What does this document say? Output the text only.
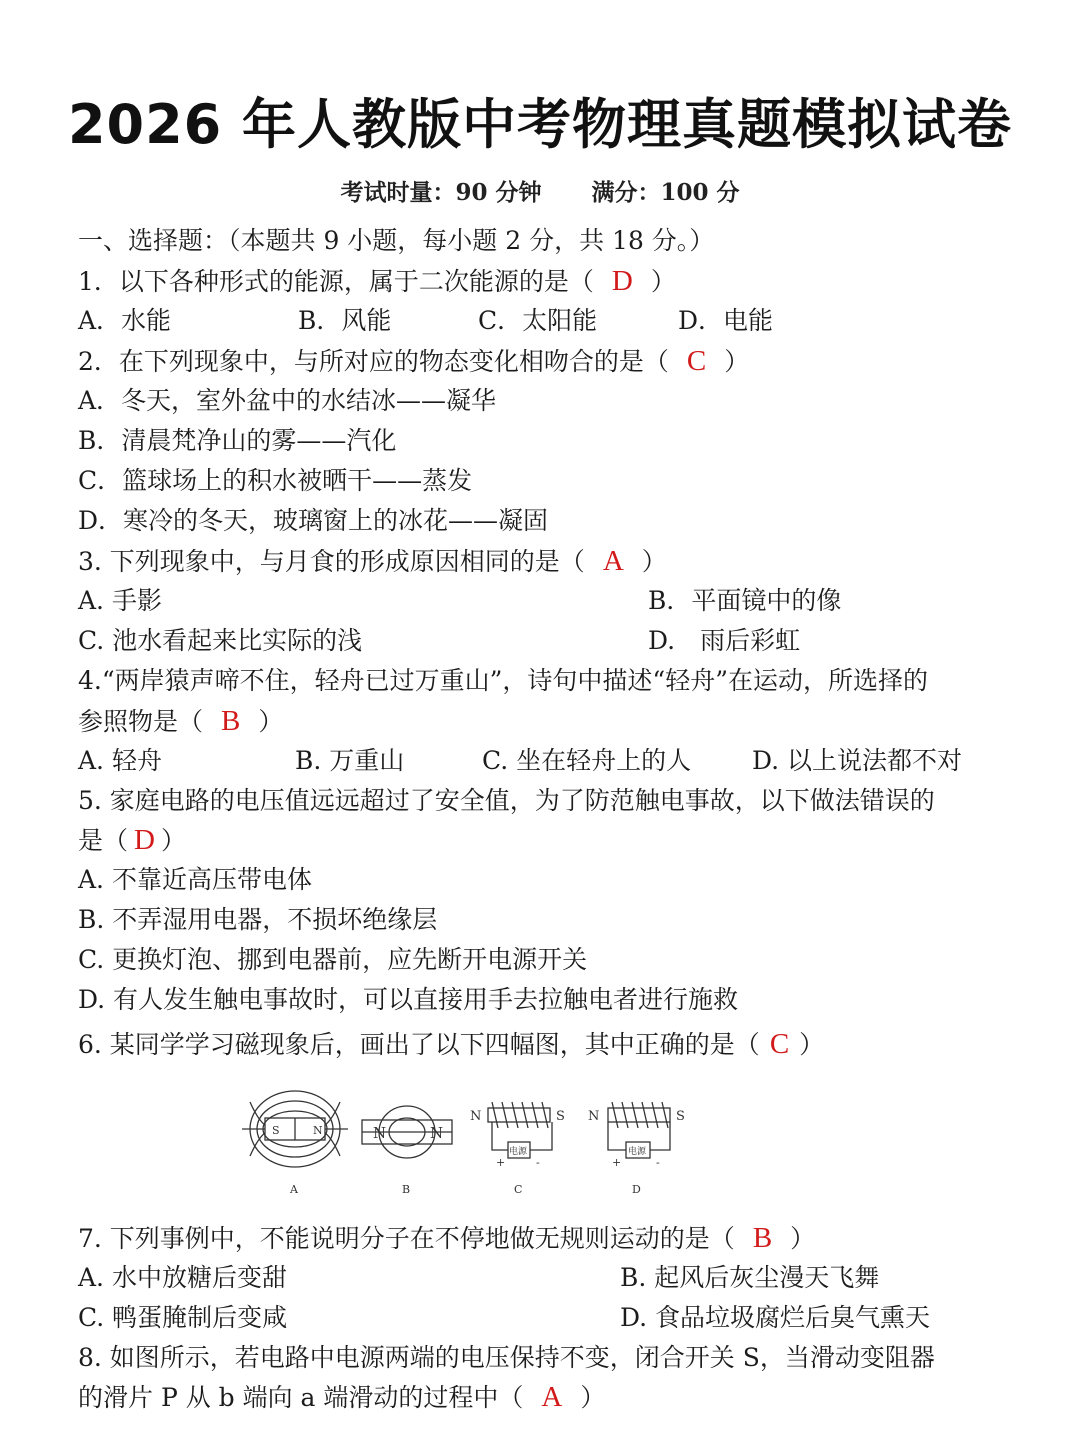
2026 年人教版中考物理真题模拟试卷
考试时量：90 分钟 满分：100 分
一、选择题：（本题共 9 小题，每小题 2 分，共 18 分。）
1．以下各种形式的能源，属于二次能源的是（ D ）
A．水能	B．风能	C．太阳能	D．电能
2．在下列现象中，与所对应的物态变化相吻合的是（ C ）
A．冬天，室外盆中的水结冰——凝华
B．清晨梵净山的雾——汽化
C．篮球场上的积水被晒干——蒸发
D．寒冷的冬天，玻璃窗上的冰花——凝固
3. 下列现象中，与月食的形成原因相同的是（ A ）
A. 手影	B．平面镜中的像
C. 池水看起来比实际的浅	D.　雨后彩虹
4.“两岸猿声啼不住，轻舟已过万重山”，诗句中描述“轻舟”在运动，所选择的
参照物是（ B ）
A. 轻舟	B. 万重山	C. 坐在轻舟上的人 D. 以上说法都不对
5. 家庭电路的电压值远远超过了安全值，为了防范触电事故，以下做法错误的
是（ D ）
A. 不靠近高压带电体
B. 不弄湿用电器，不损坏绝缘层
C. 更换灯泡、挪到电器前，应先断开电源开关
D. 有人发生触电事故时，可以直接用手去拉触电者进行施救
6. 某同学学习磁现象后，画出了以下四幅图，其中正确的是（ C ）
S	N
A
N	N
B
N	S
电源
+	-
C
N	S
电源
+	-
D
7. 下列事例中，不能说明分子在不停地做无规则运动的是（ B ）
A. 水中放糖后变甜	B. 起风后灰尘漫天飞舞
C. 鸭蛋腌制后变咸	D. 食品垃圾腐烂后臭气熏天
8. 如图所示，若电路中电源两端的电压保持不变，闭合开关 S，当滑动变阻器
的滑片 P 从 b 端向 a 端滑动的过程中（ A ）
